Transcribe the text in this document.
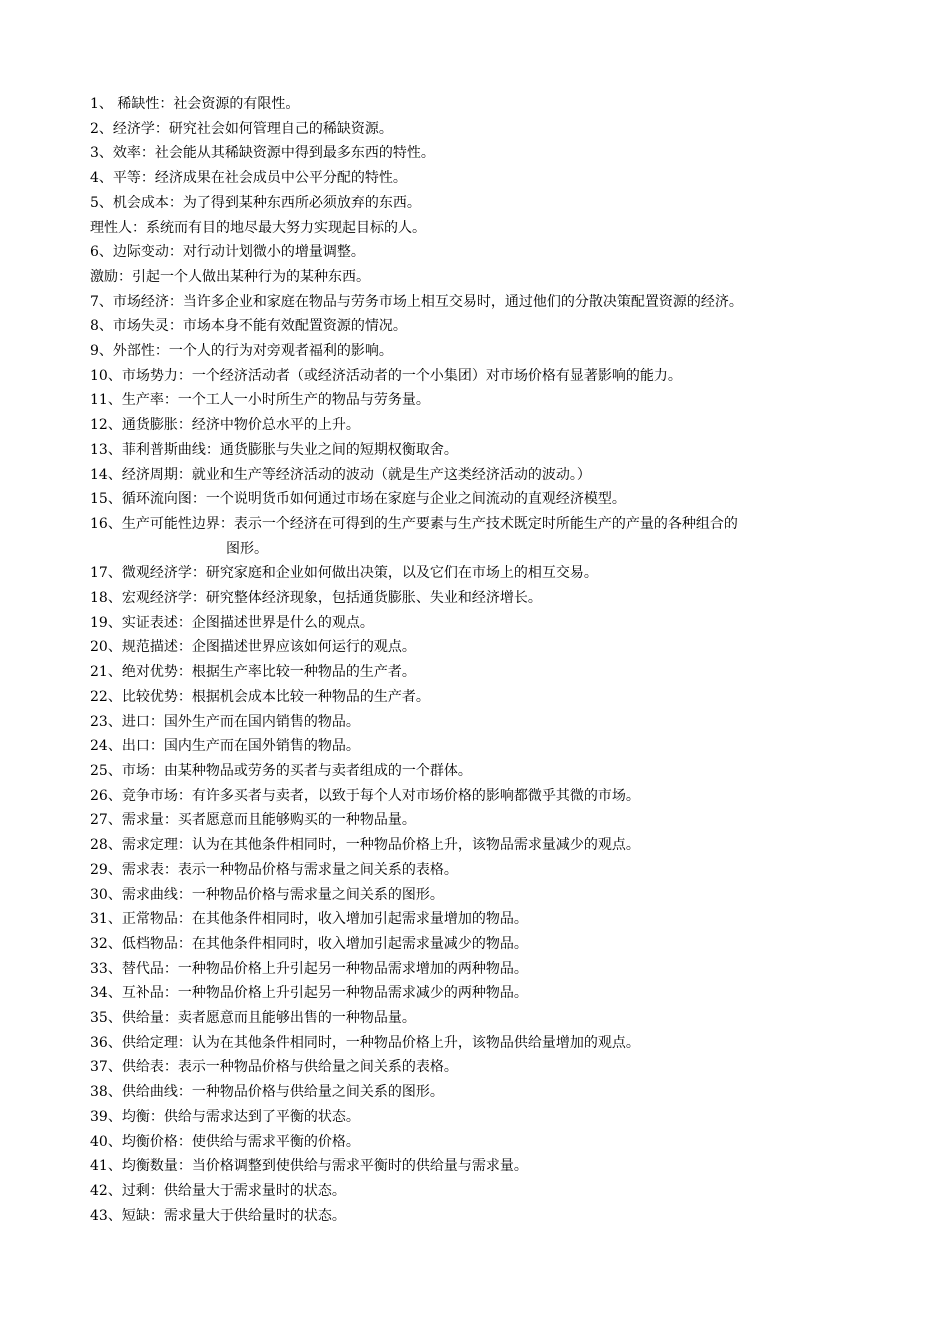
1、 稀缺性：社会资源的有限性。
2、经济学：研究社会如何管理自己的稀缺资源。
3、效率：社会能从其稀缺资源中得到最多东西的特性。
4、平等：经济成果在社会成员中公平分配的特性。
5、机会成本：为了得到某种东西所必须放弃的东西。
理性人：系统而有目的地尽最大努力实现起目标的人。
6、边际变动：对行动计划微小的增量调整。
激励：引起一个人做出某种行为的某种东西。
7、市场经济：当许多企业和家庭在物品与劳务市场上相互交易时，通过他们的分散决策配置资源的经济。
8、市场失灵：市场本身不能有效配置资源的情况。
9、外部性：一个人的行为对旁观者福利的影响。
10、市场势力：一个经济活动者（或经济活动者的一个小集团）对市场价格有显著影响的能力。
11、生产率：一个工人一小时所生产的物品与劳务量。
12、通货膨胀：经济中物价总水平的上升。
13、菲利普斯曲线：通货膨胀与失业之间的短期权衡取舍。
14、经济周期：就业和生产等经济活动的波动（就是生产这类经济活动的波动。）
15、循环流向图：一个说明货币如何通过市场在家庭与企业之间流动的直观经济模型。
16、生产可能性边界：表示一个经济在可得到的生产要素与生产技术既定时所能生产的产量的各种组合的
图形。
17、微观经济学：研究家庭和企业如何做出决策，以及它们在市场上的相互交易。
18、宏观经济学：研究整体经济现象，包括通货膨胀、失业和经济增长。
19、实证表述：企图描述世界是什么的观点。
20、规范描述：企图描述世界应该如何运行的观点。
21、绝对优势：根据生产率比较一种物品的生产者。
22、比较优势：根据机会成本比较一种物品的生产者。
23、进口：国外生产而在国内销售的物品。
24、出口：国内生产而在国外销售的物品。
25、市场：由某种物品或劳务的买者与卖者组成的一个群体。
26、竞争市场：有许多买者与卖者，以致于每个人对市场价格的影响都微乎其微的市场。
27、需求量：买者愿意而且能够购买的一种物品量。
28、需求定理：认为在其他条件相同时，一种物品价格上升，该物品需求量减少的观点。
29、需求表：表示一种物品价格与需求量之间关系的表格。
30、需求曲线：一种物品价格与需求量之间关系的图形。
31、正常物品：在其他条件相同时，收入增加引起需求量增加的物品。
32、低档物品：在其他条件相同时，收入增加引起需求量减少的物品。
33、替代品：一种物品价格上升引起另一种物品需求增加的两种物品。
34、互补品：一种物品价格上升引起另一种物品需求减少的两种物品。
35、供给量：卖者愿意而且能够出售的一种物品量。
36、供给定理：认为在其他条件相同时，一种物品价格上升，该物品供给量增加的观点。
37、供给表：表示一种物品价格与供给量之间关系的表格。
38、供给曲线：一种物品价格与供给量之间关系的图形。
39、均衡：供给与需求达到了平衡的状态。
40、均衡价格：使供给与需求平衡的价格。
41、均衡数量：当价格调整到使供给与需求平衡时的供给量与需求量。
42、过剩：供给量大于需求量时的状态。
43、短缺：需求量大于供给量时的状态。
